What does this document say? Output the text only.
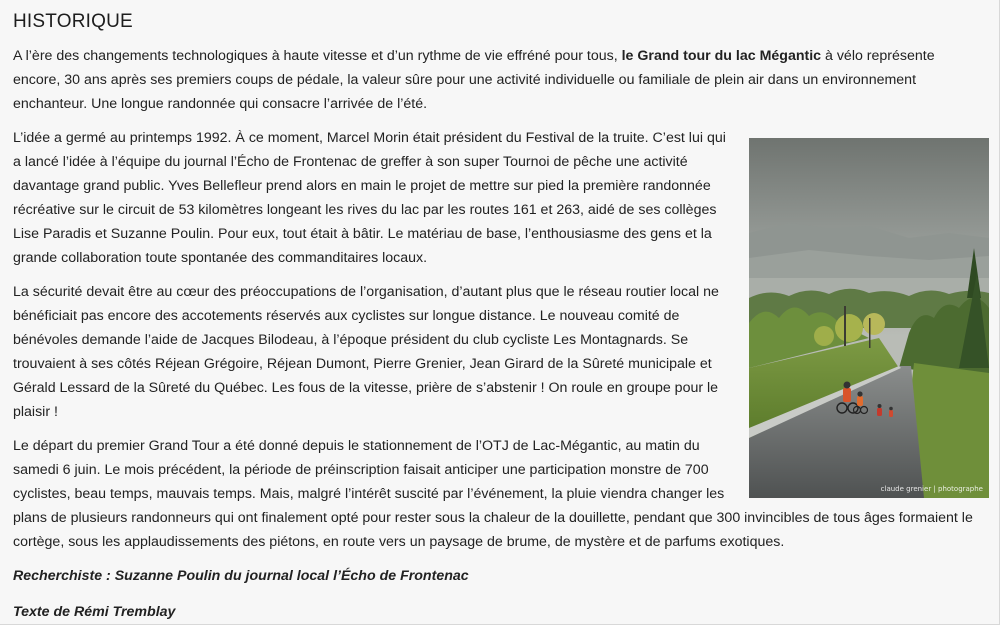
HISTORIQUE

A l’ère des changements technologiques à haute vitesse et d’un rythme de vie effréné pour tous, le Grand tour du lac Mégantic à vélo représente encore, 30 ans après ses premiers coups de pédale, la valeur sûre pour une activité individuelle ou familiale de plein air dans un environnement enchanteur. Une longue randonnée qui consacre l’arrivée de l’été.

claude grenier | photographe

L’idée a germé au printemps 1992. À ce moment, Marcel Morin était président du Festival de la truite. C’est lui qui a lancé l’idée à l’équipe du journal l’Écho de Frontenac de greffer à son super Tournoi de pêche une activité davantage grand public. Yves Bellefleur prend alors en main le projet de mettre sur pied la première randonnée récréative sur le circuit de 53 kilomètres longeant les rives du lac par les routes 161 et 263, aidé de ses collèges Lise Paradis et Suzanne Poulin. Pour eux, tout était à bâtir. Le matériau de base, l’enthousiasme des gens et la grande collaboration toute spontanée des commanditaires locaux.

La sécurité devait être au cœur des préoccupations de l’organisation, d’autant plus que le réseau routier local ne bénéficiait pas encore des accotements réservés aux cyclistes sur longue distance. Le nouveau comité de bénévoles demande l’aide de Jacques Bilodeau, à l’époque président du club cycliste Les Montagnards. Se trouvaient à ses côtés Réjean Grégoire, Réjean Dumont, Pierre Grenier, Jean Girard de la Sûreté municipale et Gérald Lessard de la Sûreté du Québec. Les fous de la vitesse, prière de s’abstenir ! On roule en groupe pour le plaisir !

Le départ du premier Grand Tour a été donné depuis le stationnement de l’OTJ de Lac-Mégantic, au matin du samedi 6 juin. Le mois précédent, la période de préinscription faisait anticiper une participation monstre de 700 cyclistes, beau temps, mauvais temps. Mais, malgré l’intérêt suscité par l’événement, la pluie viendra changer les plans de plusieurs randonneurs qui ont finalement opté pour rester sous la chaleur de la douillette, pendant que 300 invincibles de tous âges formaient le cortège, sous les applaudissements des piétons, en route vers un paysage de brume, de mystère et de parfums exotiques.

Recherchiste : Suzanne Poulin du journal local l’Écho de Frontenac
Texte de Rémi Tremblay
